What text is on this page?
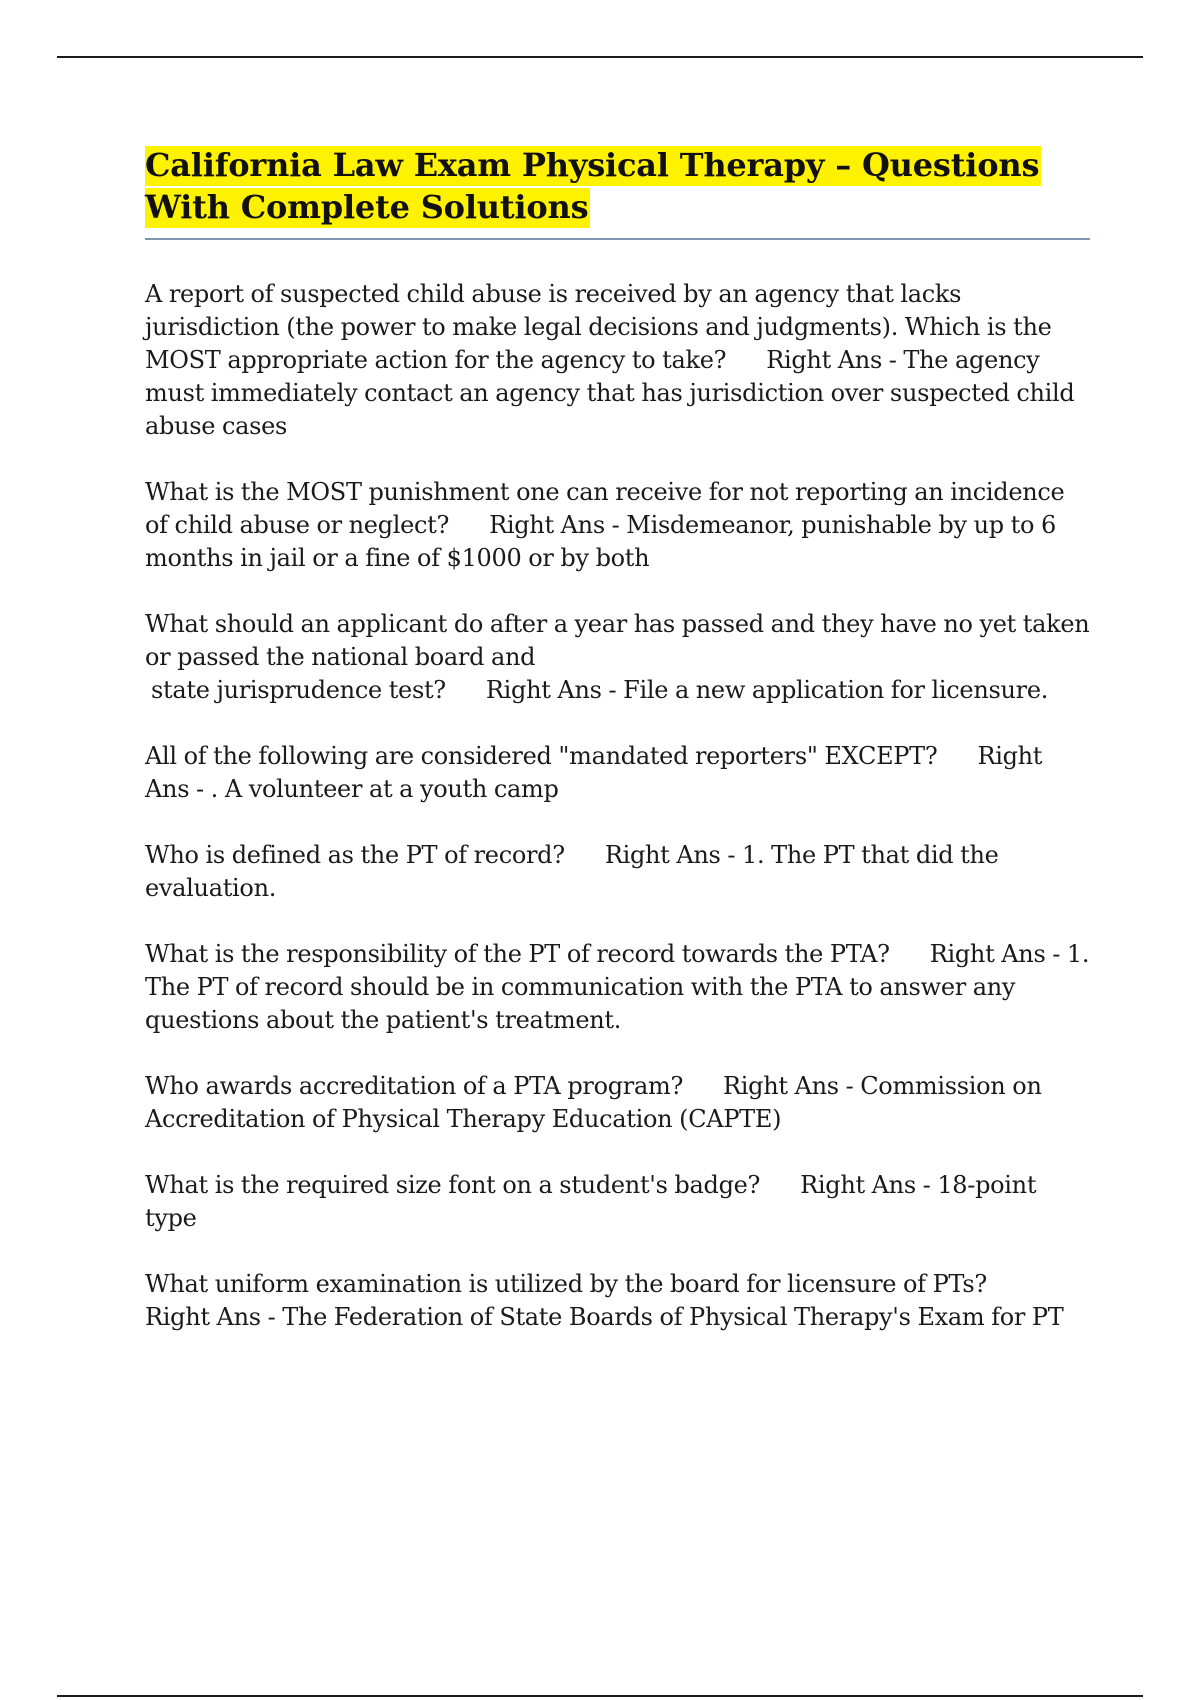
California Law Exam Physical Therapy – Questions With Complete Solutions
A report of suspected child abuse is received by an agency that lacks jurisdiction (the power to make legal decisions and judgments). Which is the MOST appropriate action for the agency to take? Right Ans - The agency must immediately contact an agency that has jurisdiction over suspected child abuse cases
What is the MOST punishment one can receive for not reporting an incidence of child abuse or neglect? Right Ans - Misdemeanor, punishable by up to 6 months in jail or a fine of $1000 or by both
What should an applicant do after a year has passed and they have no yet taken or passed the national board and
state jurisprudence test? Right Ans - File a new application for licensure.
All of the following are considered "mandated reporters" EXCEPT? Right Ans - . A volunteer at a youth camp
Who is defined as the PT of record? Right Ans - 1. The PT that did the evaluation.
What is the responsibility of the PT of record towards the PTA? Right Ans - 1. The PT of record should be in communication with the PTA to answer any questions about the patient's treatment.
Who awards accreditation of a PTA program? Right Ans - Commission on Accreditation of Physical Therapy Education (CAPTE)
What is the required size font on a student's badge? Right Ans - 18-point type
What uniform examination is utilized by the board for licensure of PTs?Right Ans - The Federation of State Boards of Physical Therapy's Exam for PT
